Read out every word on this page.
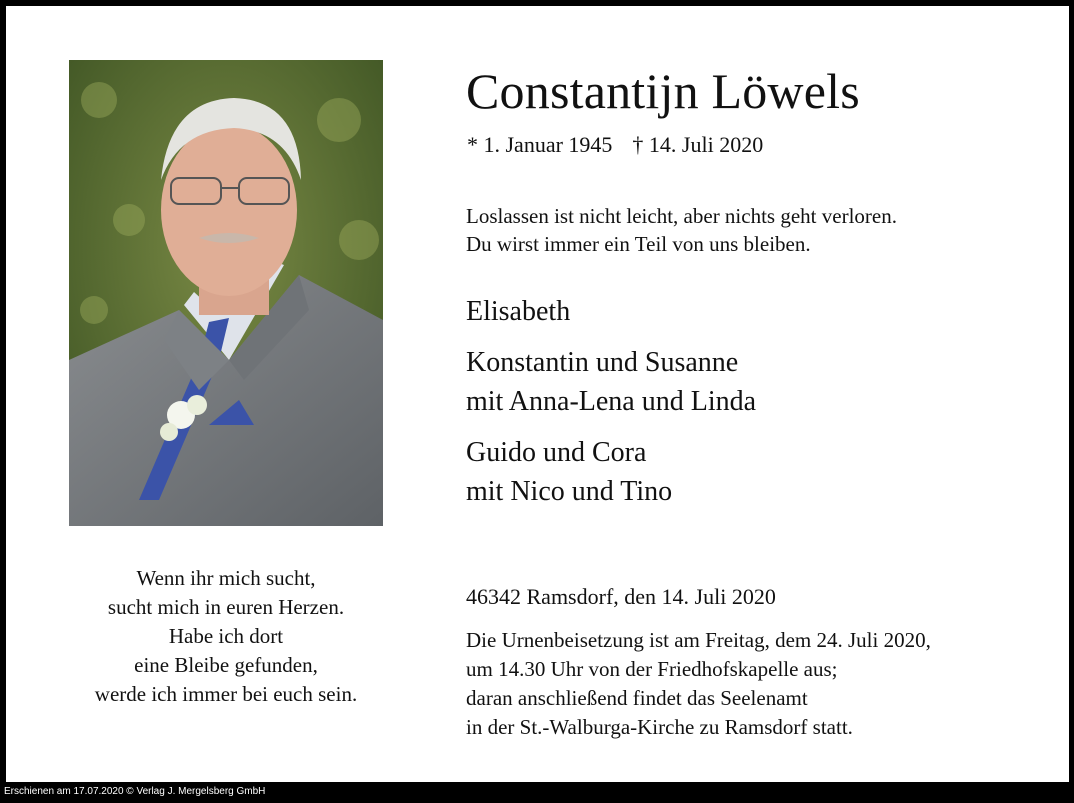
Constantijn Löwels
* 1. Januar 1945 † 14. Juli 2020
Loslassen ist nicht leicht, aber nichts geht verloren.
Du wirst immer ein Teil von uns bleiben.
Elisabeth
Konstantin und Susanne
mit Anna-Lena und Linda
Guido und Cora
mit Nico und Tino
Wenn ihr mich sucht,
sucht mich in euren Herzen.
Habe ich dort
eine Bleibe gefunden,
werde ich immer bei euch sein.
46342 Ramsdorf, den 14. Juli 2020
Die Urnenbeisetzung ist am Freitag, dem 24. Juli 2020,
um 14.30 Uhr von der Friedhofskapelle aus;
daran anschließend findet das Seelenamt
in der St.-Walburga-Kirche zu Ramsdorf statt.
Erschienen am 17.07.2020 © Verlag J. Mergelsberg GmbH
